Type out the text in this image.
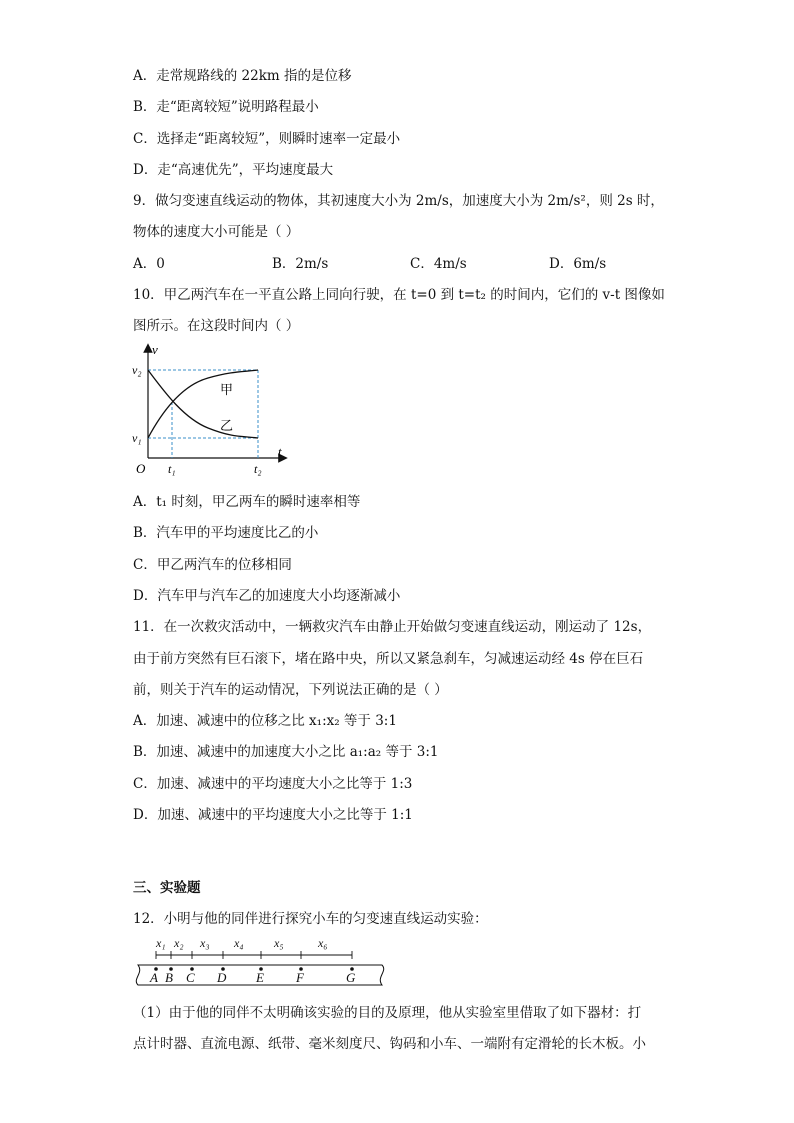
A．走常规路线的 22km 指的是位移
B．走“距离较短”说明路程最小
C．选择走“距离较短”，则瞬时速率一定最小
D．走“高速优先”，平均速度最大
9．做匀变速直线运动的物体，其初速度大小为 2m/s，加速度大小为 2m/s²，则 2s 时，
物体的速度大小可能是（ ）
A．0	B．2m/s	C．4m/s	D．6m/s
10．甲乙两汽车在一平直公路上同向行驶，在 t=0 到 t=t₂ 的时间内，它们的 v-t 图像如
图所示。在这段时间内（ ）
v
t
v₂
v₁
O t₁	t₂
甲
乙
A．t₁ 时刻，甲乙两车的瞬时速率相等
B．汽车甲的平均速度比乙的小
C．甲乙两汽车的位移相同
D．汽车甲与汽车乙的加速度大小均逐渐减小
11．在一次救灾活动中，一辆救灾汽车由静止开始做匀变速直线运动，刚运动了 12s，
由于前方突然有巨石滚下，堵在路中央，所以又紧急刹车，匀减速运动经 4s 停在巨石
前，则关于汽车的运动情况，下列说法正确的是（ ）
A．加速、减速中的位移之比 x₁:x₂ 等于 3:1
B．加速、减速中的加速度大小之比 a₁:a₂ 等于 3:1
C．加速、减速中的平均速度大小之比等于 1:3
D．加速、减速中的平均速度大小之比等于 1:1
三、实验题
12．小明与他的同伴进行探究小车的匀变速直线运动实验：
x₁ x₂ x₃ x₄	x₅	x₆
A B C D E F	G
（1）由于他的同伴不太明确该实验的目的及原理，他从实验室里借取了如下器材：打
点计时器、直流电源、纸带、毫米刻度尺、钩码和小车、一端附有定滑轮的长木板。小
